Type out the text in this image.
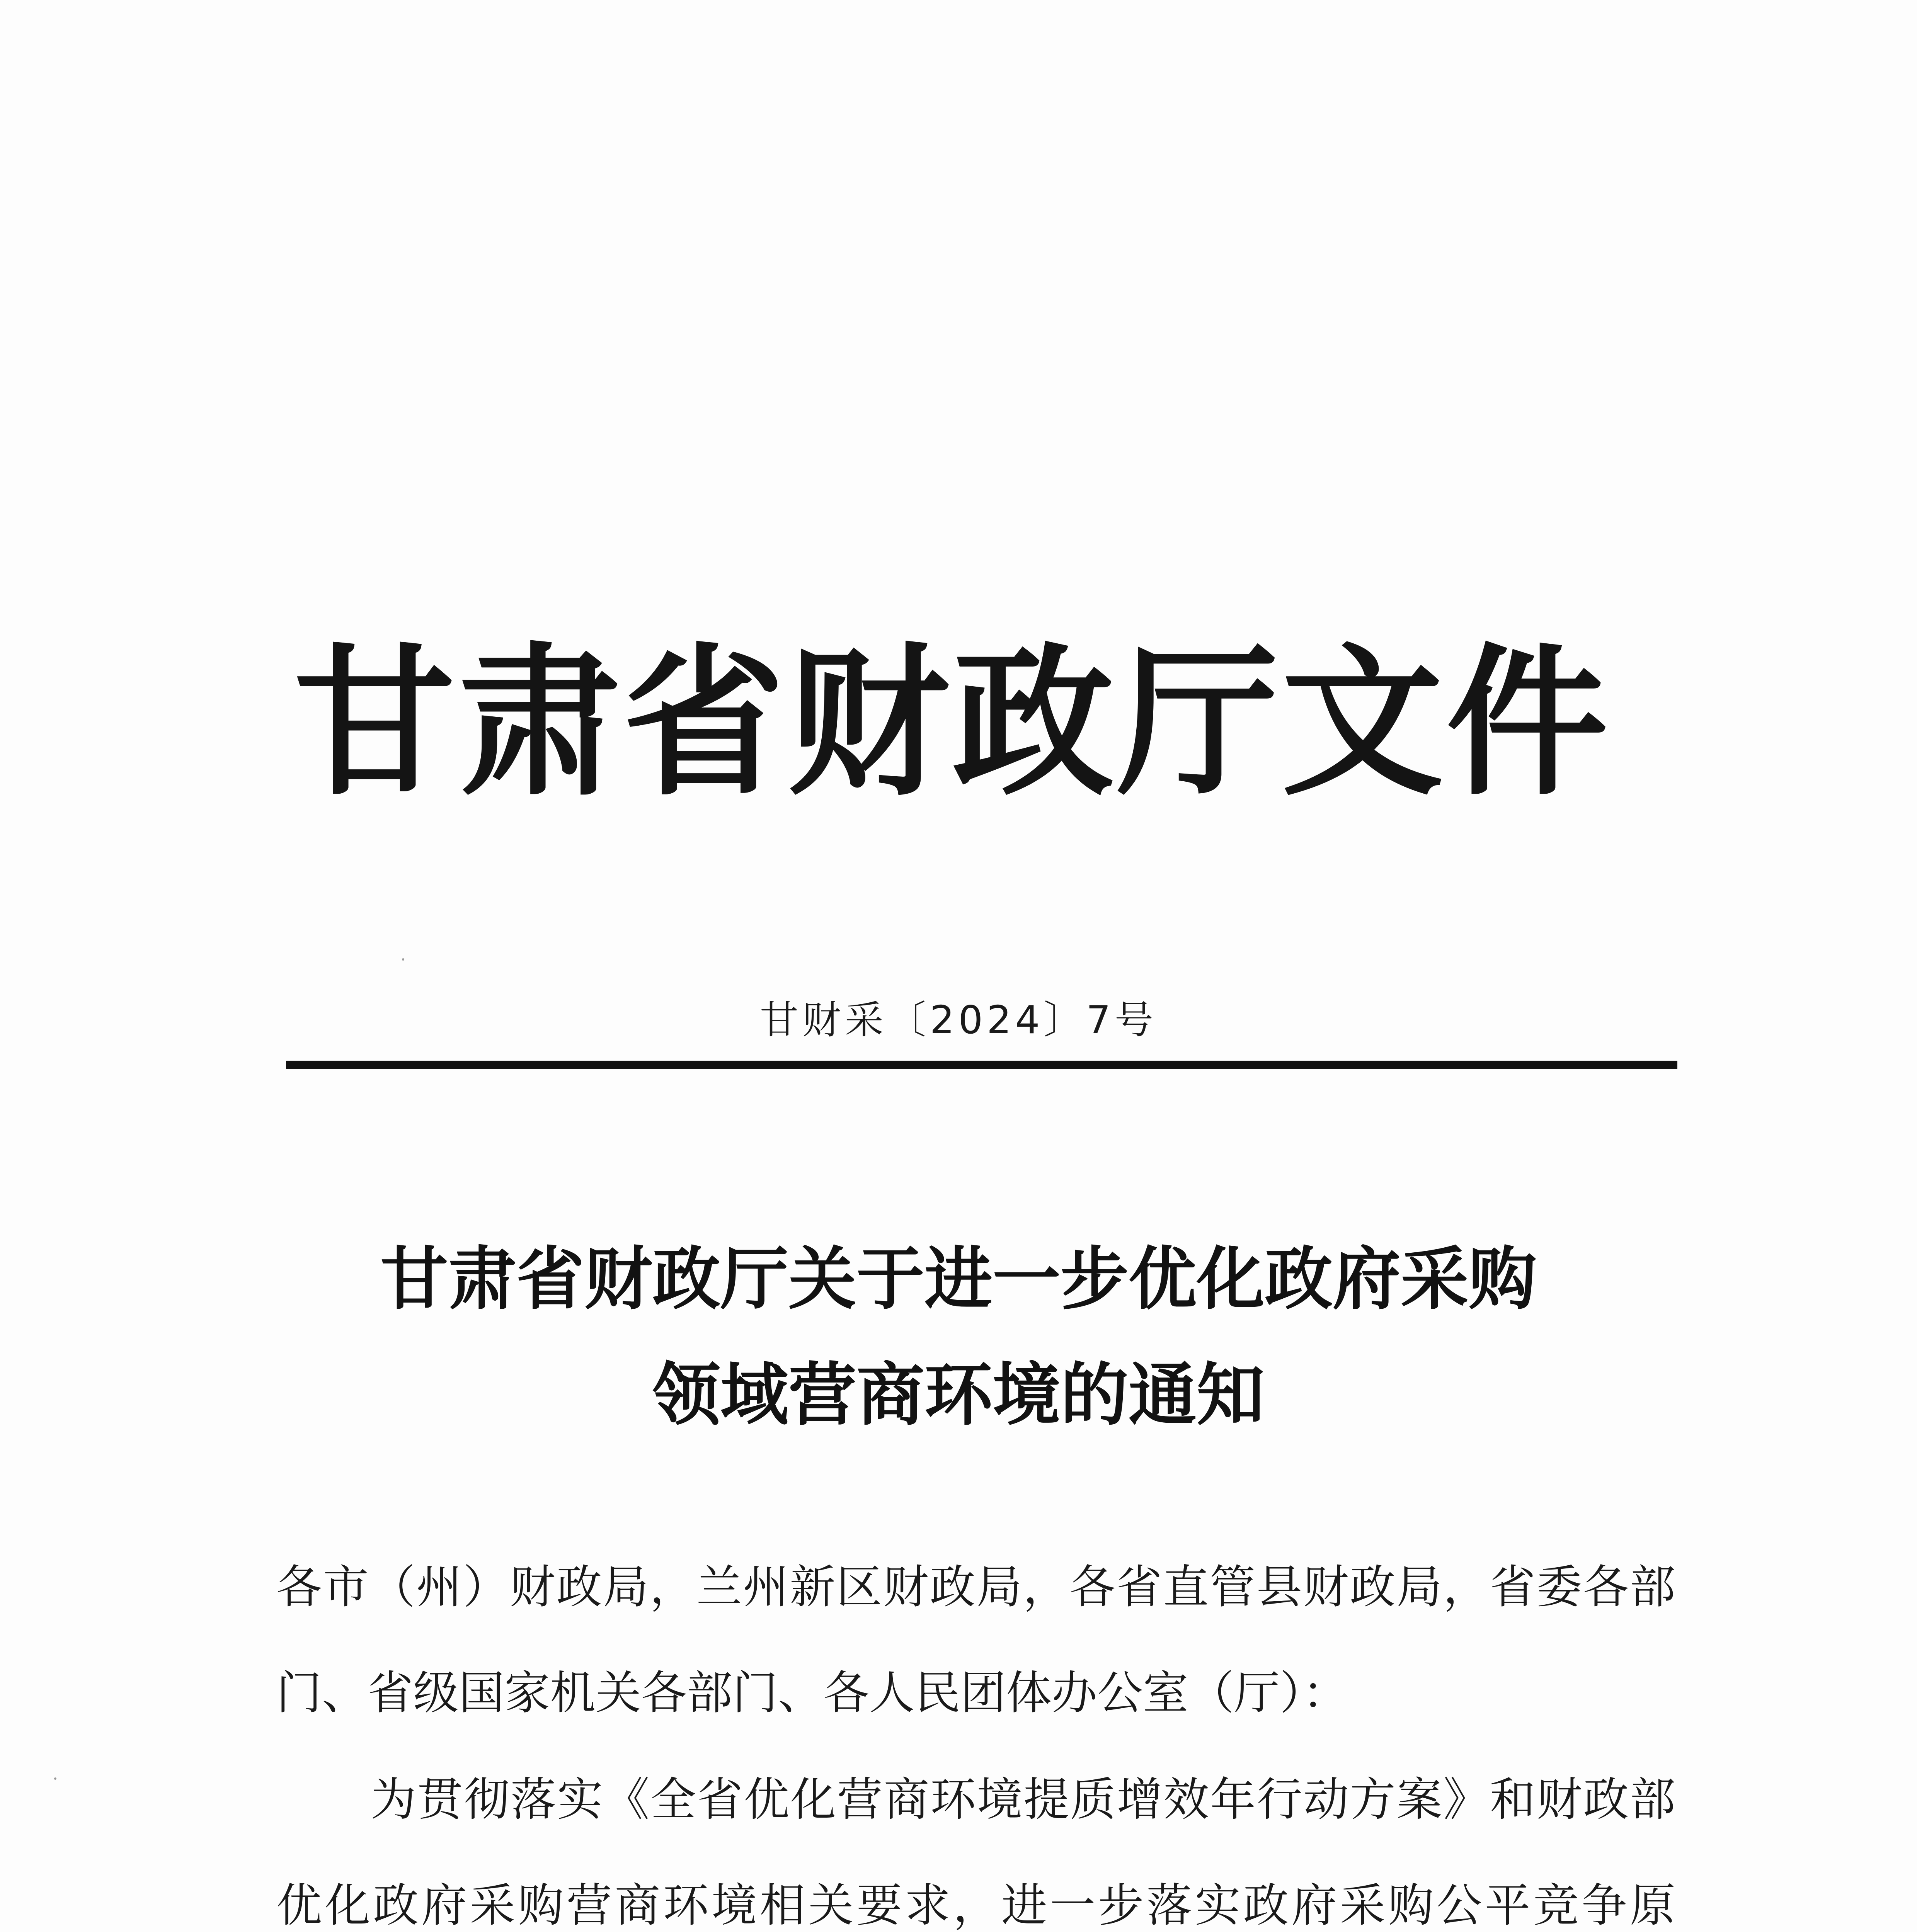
甘肃省财政厅文件
甘财采〔2024〕7号
甘肃省财政厅关于进一步优化政府采购
领域营商环境的通知
各市（州）财政局，兰州新区财政局，各省直管县财政局，省委各部门、省级国家机关各部门、各人民团体办公室（厅）：
为贯彻落实《全省优化营商环境提质增效年行动方案》和财政部优化政府采购营商环境相关要求，进一步落实政府采购公平竞争原
